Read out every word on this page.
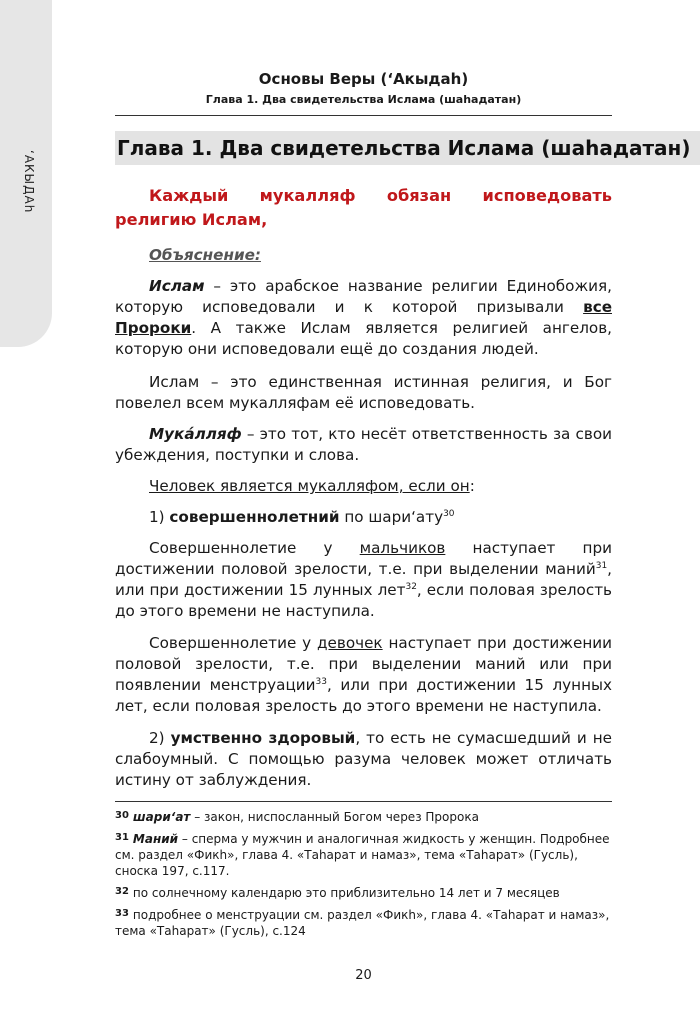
‘АКЫДАh
Основы Веры (‘Акыдаh)
Глава 1. Два свидетельства Ислама (шаhадатан)
Глава 1. Два свидетельства Ислама (шаhадатан)
Каждый мукалляф обязан исповедовать религию Ислам,
Объяснение:

Ислам – это арабское название религии Единобожия, которую исповедовали и к которой призывали все Пророки. А также Ислам является религией ангелов, которую они исповедовали ещё до создания людей.

Ислам – это единственная истинная религия, и Бог повелел всем мукалляфам её исповедовать.

Мука́лляф – это тот, кто несёт ответственность за свои убеждения, поступки и слова.

Человек является мукалляфом, если он:

1) совершеннолетний по шари‘ату$^{30}$

Совершеннолетие у мальчиков наступает при достижении половой зрелости, т.е. при выделении маний$^{31}$, или при достижении 15 лунных лет$^{32}$, если половая зрелость до этого времени не наступила.

Совершеннолетие у девочек наступает при достижении половой зрелости, т.е. при выделении маний или при появлении менструации$^{33}$, или при достижении 15 лунных лет, если половая зрелость до этого времени не наступила.

2) умственно здоровый, то есть не сумасшедший и не слабоумный. С помощью разума человек может отличать истину от заблуждения.

$^{30}$ шари‘ат – закон, ниспосланный Богом через Пророка

$^{31}$ Маний – сперма у мужчин и аналогичная жидкость у женщин. Подробнее см. раздел «Фикh», глава 4. «Таhарат и намаз», тема «Таhарат» (Гусль), сноска 197, с.117.

$^{32}$ по солнечному календарю это приблизительно 14 лет и 7 месяцев

$^{33}$ подробнее о менструации см. раздел «Фикh», глава 4. «Таhарат и намаз», тема «Таhарат» (Гусль), с.124

20
